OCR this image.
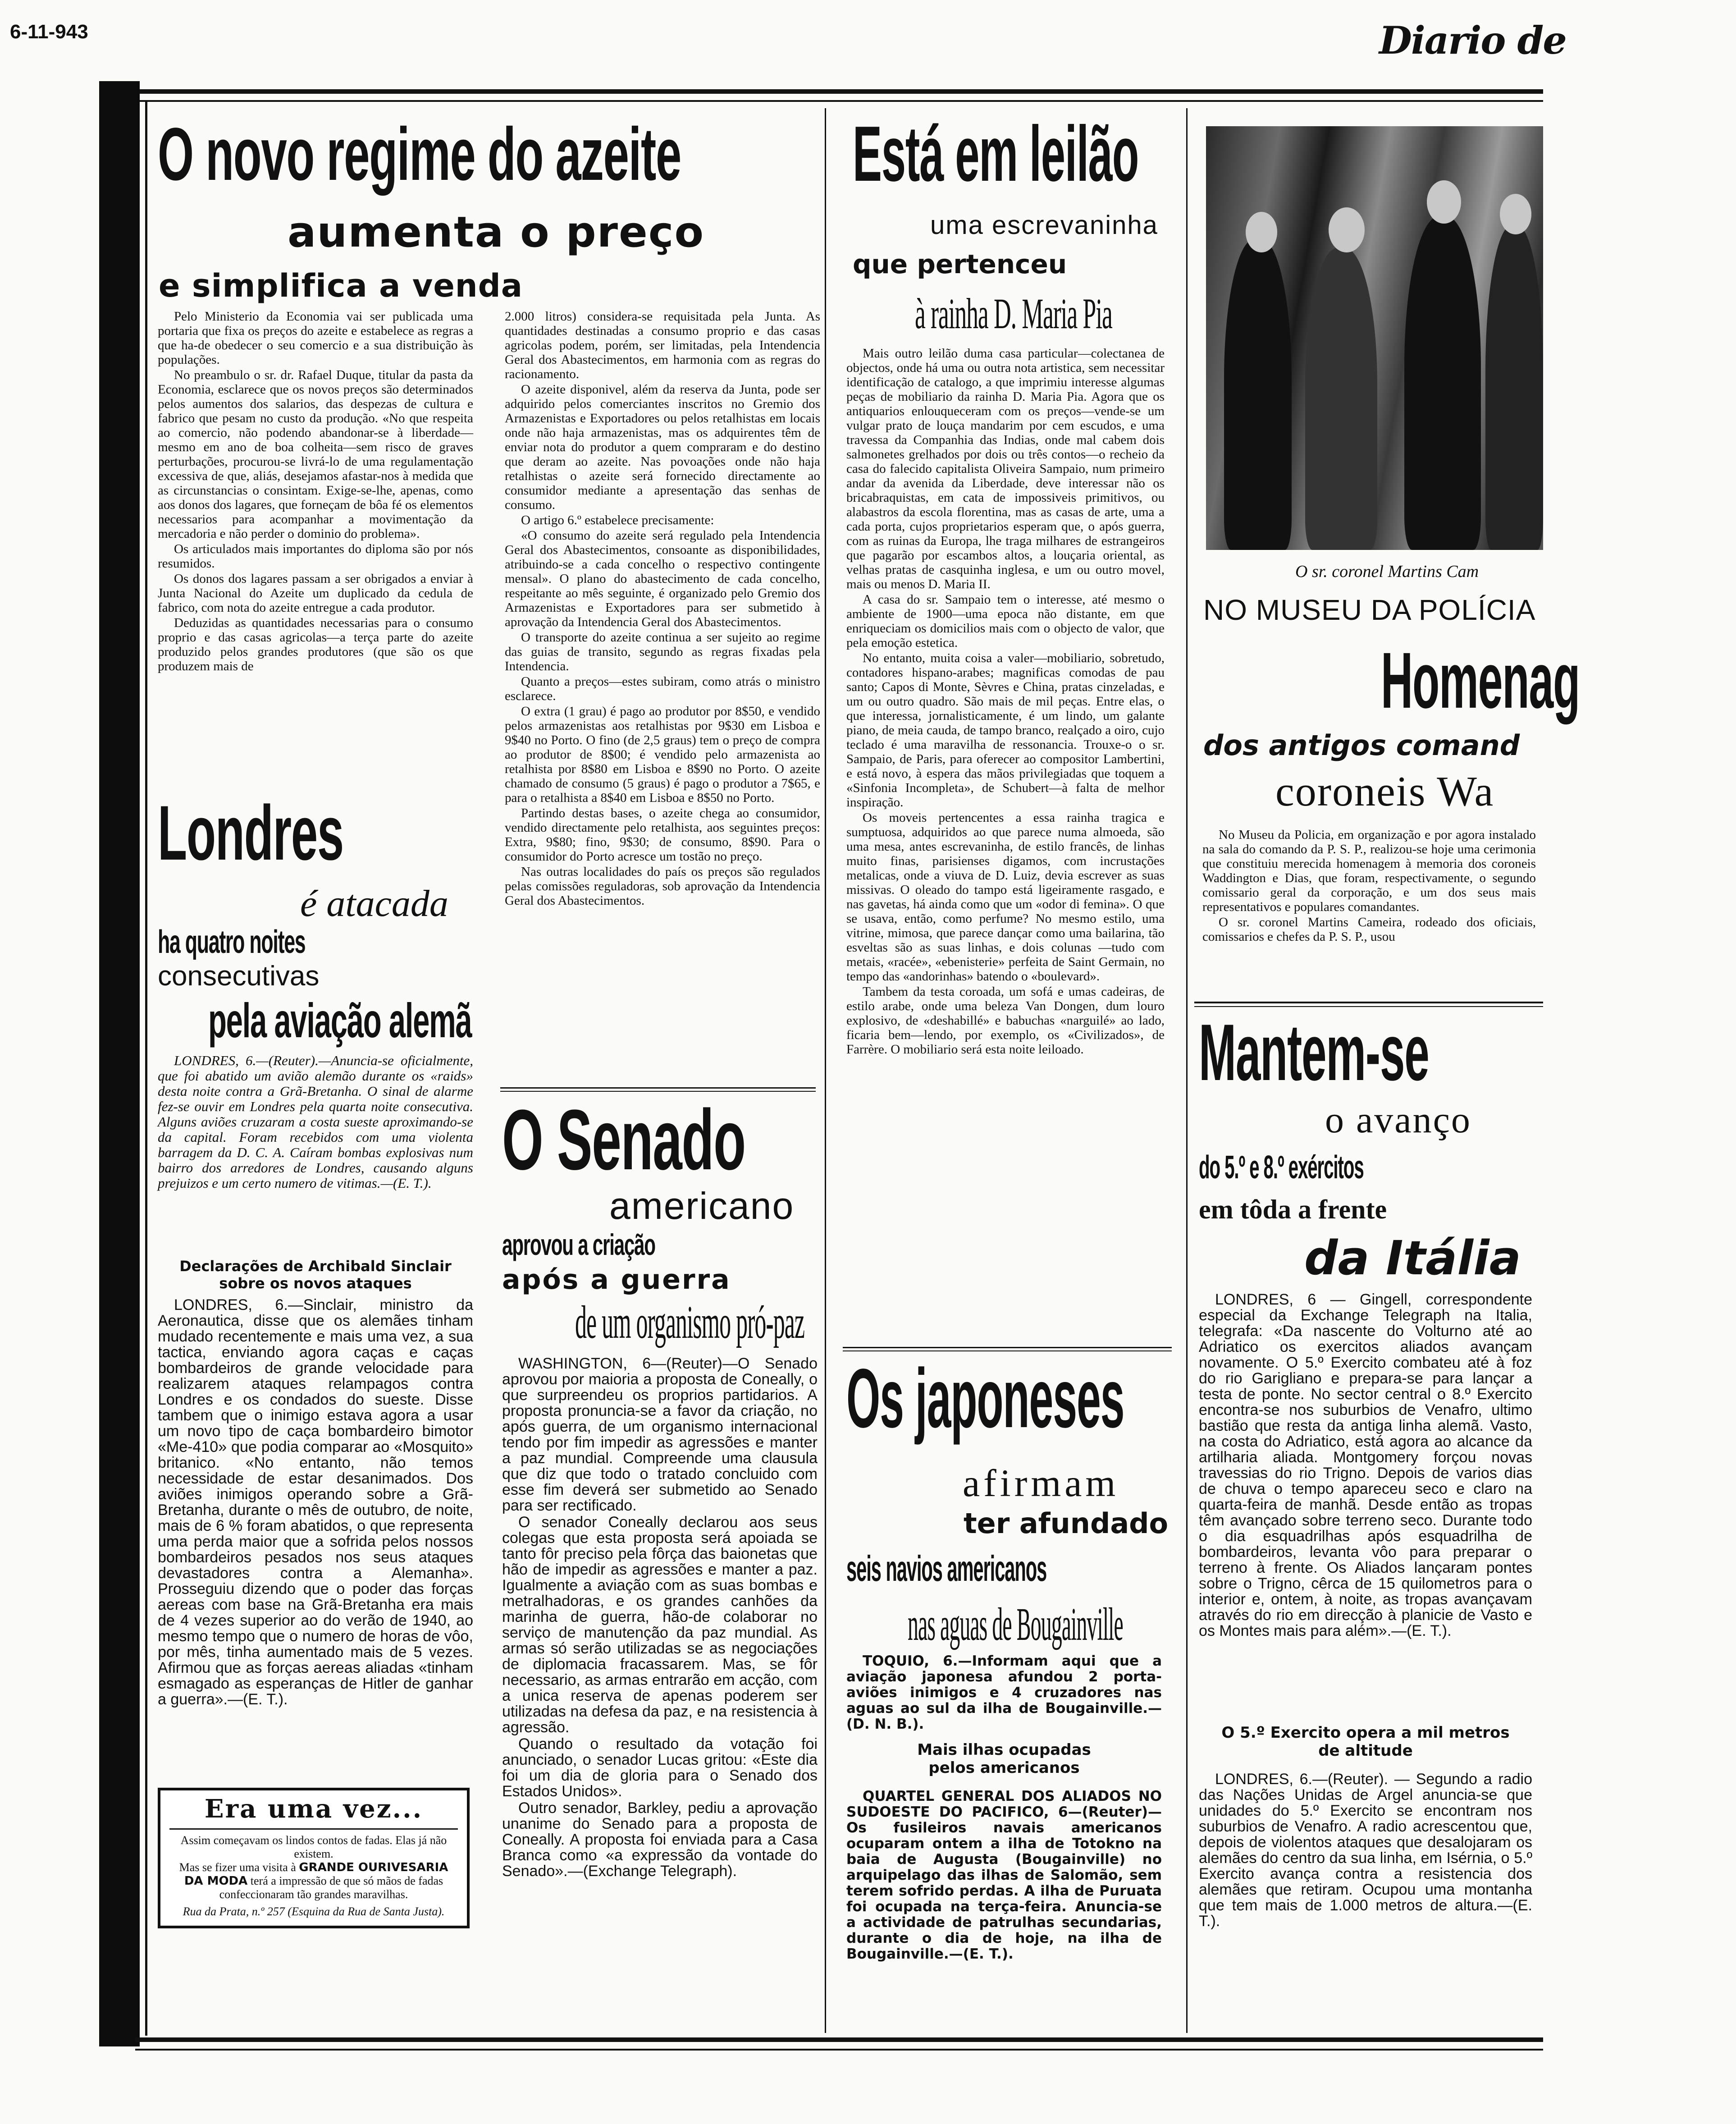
6-11-943	Diario de
O novo regime do azeite
aumenta o preço
e simplifica a venda

Pelo Ministerio da Economia vai ser publicada uma portaria que fixa os preços do azeite e estabelece as regras a que ha-de obedecer o seu comercio e a sua distribuição às populações.

No preambulo o sr. dr. Rafael Duque, titular da pasta da Economia, esclarece que os novos preços são determinados pelos aumentos dos salarios, das despezas de cultura e fabrico que pesam no custo da produção. «No que respeita ao comercio, não podendo abandonar-se à liberdade—mesmo em ano de boa colheita—sem risco de graves perturbações, procurou-se livrá-lo de uma regulamentação excessiva de que, aliás, desejamos afastar-nos à medida que as circunstancias o consintam. Exige-se-lhe, apenas, como aos donos dos lagares, que forneçam de bôa fé os elementos necessarios para acompanhar a movimentação da mercadoria e não perder o dominio do problema».

Os articulados mais importantes do diploma são por nós resumidos.

Os donos dos lagares passam a ser obrigados a enviar à Junta Nacional do Azeite um duplicado da cedula de fabrico, com nota do azeite entregue a cada produtor.

Deduzidas as quantidades necessarias para o consumo proprio e das casas agricolas—a terça parte do azeite produzido pelos grandes produtores (que são os que produzem mais de

2.000 litros) considera-se requisitada pela Junta. As quantidades destinadas a consumo proprio e das casas agricolas podem, porém, ser limitadas, pela Intendencia Geral dos Abastecimentos, em harmonia com as regras do racionamento.

O azeite disponivel, além da reserva da Junta, pode ser adquirido pelos comerciantes inscritos no Gremio dos Armazenistas e Exportadores ou pelos retalhistas em locais onde não haja armazenistas, mas os adquirentes têm de enviar nota do produtor a quem compraram e do destino que deram ao azeite. Nas povoações onde não haja retalhistas o azeite será fornecido directamente ao consumidor mediante a apresentação das senhas de consumo.

O artigo 6.º estabelece precisamente:

«O consumo do azeite será regulado pela Intendencia Geral dos Abastecimentos, consoante as disponibilidades, atribuindo-se a cada concelho o respectivo contingente mensal». O plano do abastecimento de cada concelho, respeitante ao mês seguinte, é organizado pelo Gremio dos Armazenistas e Exportadores para ser submetido à aprovação da Intendencia Geral dos Abastecimentos.

O transporte do azeite continua a ser sujeito ao regime das guias de transito, segundo as regras fixadas pela Intendencia.

Quanto a preços—estes subiram, como atrás o ministro esclarece.

O extra (1 grau) é pago ao produtor por 8$50, e vendido pelos armazenistas aos retalhistas por 9$30 em Lisboa e 9$40 no Porto. O fino (de 2,5 graus) tem o preço de compra ao produtor de 8$00; é vendido pelo armazenista ao retalhista por 8$80 em Lisboa e 8$90 no Porto. O azeite chamado de consumo (5 graus) é pago o produtor a 7$65, e para o retalhista a 8$40 em Lisboa e 8$50 no Porto.

Partindo destas bases, o azeite chega ao consumidor, vendido directamente pelo retalhista, aos seguintes preços: Extra, 9$80; fino, 9$30; de consumo, 8$90. Para o consumidor do Porto acresce um tostão no preço.

Nas outras localidades do país os preços são regulados pelas comissões reguladoras, sob aprovação da Intendencia Geral dos Abastecimentos.

Londres
é atacada
ha quatro noites
consecutivas
pela aviação alemã
LONDRES, 6.—(Reuter).—Anuncia-se oficialmente, que foi abatido um avião alemão durante os «raids» desta noite contra a Grã-Bretanha. O sinal de alarme fez-se ouvir em Londres pela quarta noite consecutiva. Alguns aviões cruzaram a costa sueste aproximando-se da capital. Foram recebidos com uma violenta barragem da D. C. A. Caíram bombas explosivas num bairro dos arredores de Londres, causando alguns prejuizos e um certo numero de vitimas.—(E. T.).
Declarações de Archibald Sinclair
sobre os novos ataques
LONDRES, 6.—Sinclair, ministro da Aeronautica, disse que os alemães tinham mudado recentemente e mais uma vez, a sua tactica, enviando agora caças e caças bombardeiros de grande velocidade para realizarem ataques relampagos contra Londres e os condados do sueste. Disse tambem que o inimigo estava agora a usar um novo tipo de caça bombardeiro bimotor «Me-410» que podia comparar ao «Mosquito» britanico. «No entanto, não temos necessidade de estar desanimados. Dos aviões inimigos operando sobre a Grã-Bretanha, durante o mês de outubro, de noite, mais de 6 % foram abatidos, o que representa uma perda maior que a sofrida pelos nossos bombardeiros pesados nos seus ataques devastadores contra a Alemanha». Prosseguiu dizendo que o poder das forças aereas com base na Grã-Bretanha era mais de 4 vezes superior ao do verão de 1940, ao mesmo tempo que o numero de horas de vôo, por mês, tinha aumentado mais de 5 vezes. Afirmou que as forças aereas aliadas «tinham esmagado as esperanças de Hitler de ganhar a guerra».—(E. T.).
Era uma vez...
Assim começavam os lindos contos de fadas. Elas já não existem.
Mas se fizer uma visita à GRANDE OURIVESARIA DA MODA terá a impressão de que só mãos de fadas confeccionaram tão grandes maravilhas.
Rua da Prata, n.º 257 (Esquina da Rua de Santa Justa).
O Senado
americano
aprovou a criação
após a guerra
de um organismo pró-paz

WASHINGTON, 6—(Reuter)—O Senado aprovou por maioria a proposta de Coneally, o que surpreendeu os proprios partidarios. A proposta pronuncia-se a favor da criação, no após guerra, de um organismo internacional tendo por fim impedir as agressões e manter a paz mundial. Compreende uma clausula que diz que todo o tratado concluido com esse fim deverá ser submetido ao Senado para ser rectificado.

O senador Coneally declarou aos seus colegas que esta proposta será apoiada se tanto fôr preciso pela fôrça das baionetas que hão de impedir as agressões e manter a paz. Igualmente a aviação com as suas bombas e metralhadoras, e os grandes canhões da marinha de guerra, hão-de colaborar no serviço de manutenção da paz mundial. As armas só serão utilizadas se as negociações de diplomacia fracassarem. Mas, se fôr necessario, as armas entrarão em acção, com a unica reserva de apenas poderem ser utilizadas na defesa da paz, e na resistencia à agressão.

Quando o resultado da votação foi anunciado, o senador Lucas gritou: «Este dia foi um dia de gloria para o Senado dos Estados Unidos».

Outro senador, Barkley, pediu a aprovação unanime do Senado para a proposta de Coneally. A proposta foi enviada para a Casa Branca como «a expressão da vontade do Senado».—(Exchange Telegraph).

Está em leilão
uma escrevaninha
que pertenceu
à rainha D. Maria Pia

Mais outro leilão duma casa particular—colectanea de objectos, onde há uma ou outra nota artistica, sem necessitar identificação de catalogo, a que imprimiu interesse algumas peças de mobiliario da rainha D. Maria Pia. Agora que os antiquarios enlouqueceram com os preços—vende-se um vulgar prato de louça mandarim por cem escudos, e uma travessa da Companhia das Indias, onde mal cabem dois salmonetes grelhados por dois ou três contos—o recheio da casa do falecido capitalista Oliveira Sampaio, num primeiro andar da avenida da Liberdade, deve interessar não os bricabraquistas, em cata de impossiveis primitivos, ou alabastros da escola florentina, mas as casas de arte, uma a cada porta, cujos proprietarios esperam que, o após guerra, com as ruinas da Europa, lhe traga milhares de estrangeiros que pagarão por escambos altos, a louçaria oriental, as velhas pratas de casquinha inglesa, e um ou outro movel, mais ou menos D. Maria II.

A casa do sr. Sampaio tem o interesse, até mesmo o ambiente de 1900—uma epoca não distante, em que enriqueciam os domicilios mais com o objecto de valor, que pela emoção estetica.

No entanto, muita coisa a valer—mobiliario, sobretudo, contadores hispano-arabes; magnificas comodas de pau santo; Capos di Monte, Sèvres e China, pratas cinzeladas, e um ou outro quadro. São mais de mil peças. Entre elas, o que interessa, jornalisticamente, é um lindo, um galante piano, de meia cauda, de tampo branco, realçado a oiro, cujo teclado é uma maravilha de ressonancia. Trouxe-o o sr. Sampaio, de Paris, para oferecer ao compositor Lambertini, e está novo, à espera das mãos privilegiadas que toquem a «Sinfonia Incompleta», de Schubert—à falta de melhor inspiração.

Os moveis pertencentes a essa rainha tragica e sumptuosa, adquiridos ao que parece numa almoeda, são uma mesa, antes escrevaninha, de estilo francês, de linhas muito finas, parisienses digamos, com incrustações metalicas, onde a viuva de D. Luiz, devia escrever as suas missivas. O oleado do tampo está ligeiramente rasgado, e nas gavetas, há ainda como que um «odor di femina». O que se usava, então, como perfume? No mesmo estilo, uma vitrine, mimosa, que parece dançar como uma bailarina, tão esveltas são as suas linhas, e dois colunas —tudo com metais, «racée», «ebenisterie» perfeita de Saint Germain, no tempo das «andorinhas» batendo o «boulevard».

Tambem da testa coroada, um sofá e umas cadeiras, de estilo arabe, onde uma beleza Van Dongen, dum louro explosivo, de «deshabillé» e babuchas «narguilé» ao lado, ficaria bem—lendo, por exemplo, os «Civilizados», de Farrère. O mobiliario será esta noite leiloado.

Os japoneses
afirmam
ter afundado
seis navios americanos
nas aguas de Bougainville
TOQUIO, 6.—Informam aqui que a aviação japonesa afundou 2 porta-aviões inimigos e 4 cruzadores nas aguas ao sul da ilha de Bougainville.—(D. N. B.).
Mais ilhas ocupadas
pelos americanos
QUARTEL GENERAL DOS ALIADOS NO SUDOESTE DO PACIFICO, 6—(Reuter)—Os fusileiros navais americanos ocuparam ontem a ilha de Totokno na baia de Augusta (Bougainville) no arquipelago das ilhas de Salomão, sem terem sofrido perdas. A ilha de Puruata foi ocupada na terça-feira. Anuncia-se a actividade de patrulhas secundarias, durante o dia de hoje, na ilha de Bougainville.—(E. T.).
O sr. coronel Martins Cam
NO MUSEU DA POLÍCIA
Homenag
dos antigos comand
coroneis Wa

No Museu da Policia, em organização e por agora instalado na sala do comando da P. S. P., realizou-se hoje uma cerimonia que constituiu merecida homenagem à memoria dos coroneis Waddington e Dias, que foram, respectivamente, o segundo comissario geral da corporação, e um dos seus mais representativos e populares comandantes.

O sr. coronel Martins Cameira, rodeado dos oficiais, comissarios e chefes da P. S. P., usou

Mantem-se
o avanço
do 5.º e 8.º exércitos
em tôda a frente
da Itália
LONDRES, 6 — Gingell, correspondente especial da Exchange Telegraph na Italia, telegrafa: «Da nascente do Volturno até ao Adriatico os exercitos aliados avançam novamente. O 5.º Exercito combateu até à foz do rio Garigliano e prepara-se para lançar a testa de ponte. No sector central o 8.º Exercito encontra-se nos suburbios de Venafro, ultimo bastião que resta da antiga linha alemã. Vasto, na costa do Adriatico, está agora ao alcance da artilharia aliada. Montgomery forçou novas travessias do rio Trigno. Depois de varios dias de chuva o tempo apareceu seco e claro na quarta-feira de manhã. Desde então as tropas têm avançado sobre terreno seco. Durante todo o dia esquadrilhas após esquadrilha de bombardeiros, levanta vôo para preparar o terreno à frente. Os Aliados lançaram pontes sobre o Trigno, cêrca de 15 quilometros para o interior e, ontem, à noite, as tropas avançavam através do rio em direcção à planicie de Vasto e os Montes mais para além».—(E. T.).
O 5.º Exercito opera a mil metros
de altitude
LONDRES, 6.—(Reuter). — Segundo a radio das Nações Unidas de Argel anuncia-se que unidades do 5.º Exercito se encontram nos suburbios de Venafro. A radio acrescentou que, depois de violentos ataques que desalojaram os alemães do centro da sua linha, em Isérnia, o 5.º Exercito avança contra a resistencia dos alemães que retiram. Ocupou uma montanha que tem mais de 1.000 metros de altura.—(E. T.).
